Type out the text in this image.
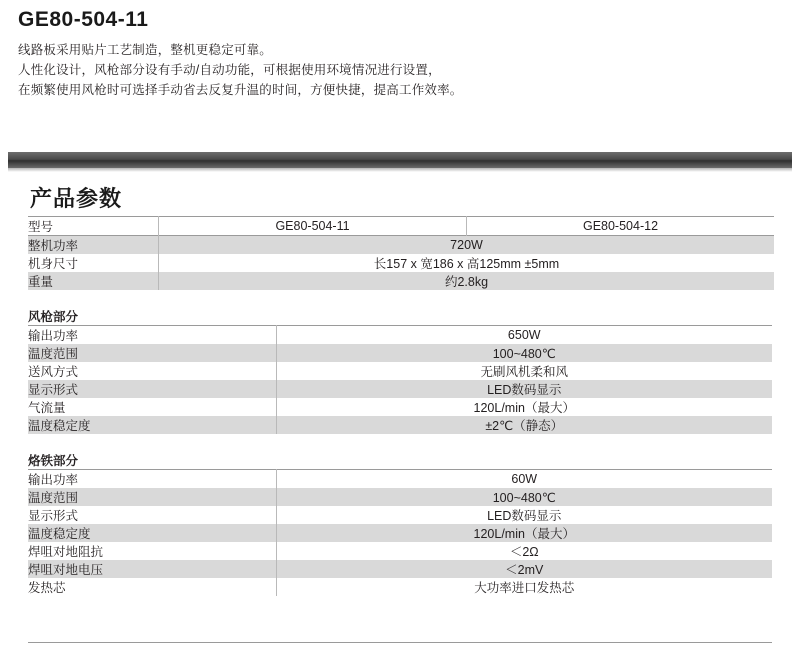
GE80-504-11

线路板采用贴片工艺制造，整机更稳定可靠。

人性化设计，风枪部分设有手动/自动功能，可根据使用环境情况进行设置，

在频繁使用风枪时可选择手动省去反复升温的时间，方便快捷，提高工作效率。

产品参数
型号	GE80-504-11	GE80-504-12
整机功率	720W	
机身尺寸	长157 x 宽186 x 高125mm ±5mm	
重量	约2.8kg	

风枪部分	
输出功率	650W
温度范围	100~480℃
送风方式	无刷风机柔和风
显示形式	LED数码显示
气流量	120L/min（最大）
温度稳定度	±2℃（静态）

烙铁部分	
输出功率	60W
温度范围	100~480℃
显示形式	LED数码显示
温度稳定度	120L/min（最大）
焊咀对地阻抗	＜2Ω
焊咀对地电压	＜2mV
发热芯	大功率进口发热芯
